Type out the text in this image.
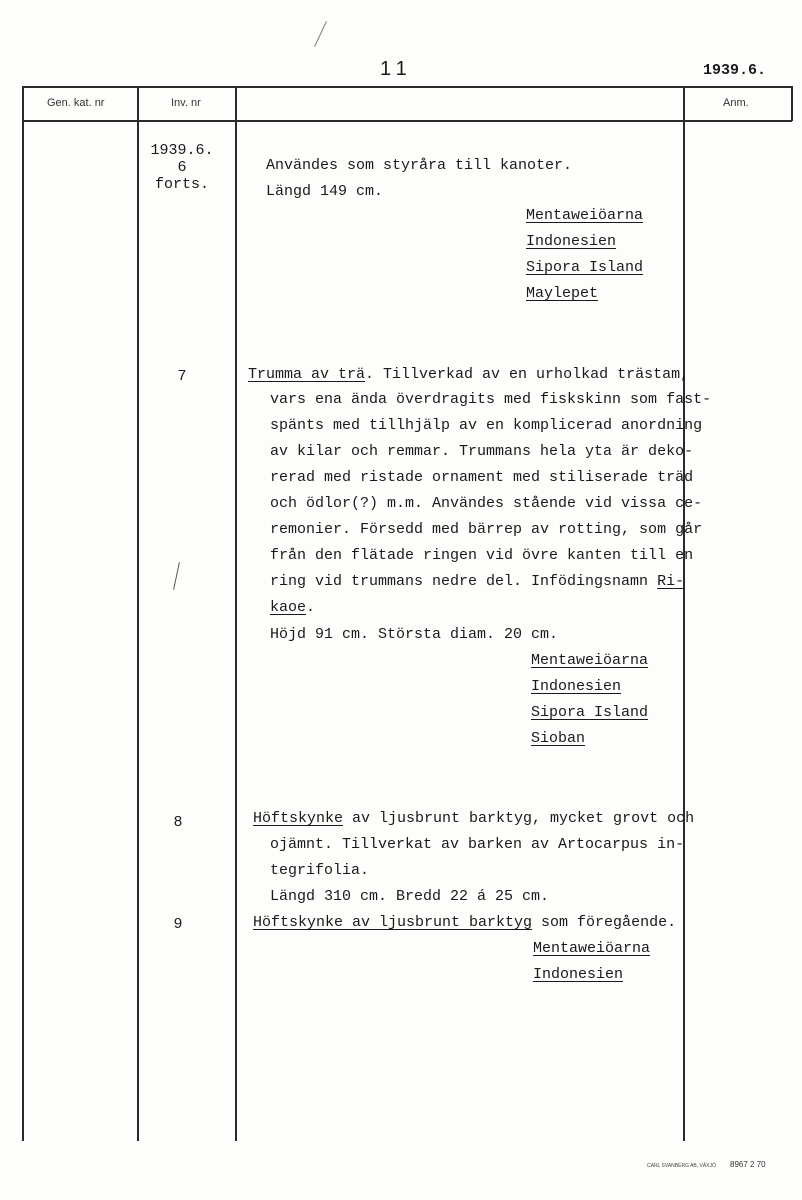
11	1939.6.
Gen. kat. nr	Inv. nr	Anm.
1939.6.
6
forts.
Användes som styråra till kanoter.
Längd 149 cm.
Mentaweiöarna
Indonesien
Sipora Island
Maylepet
7	Trumma av trä. Tillverkad av en urholkad trästam,
vars ena ända överdragits med fiskskinn som fast-
spänts med tillhjälp av en komplicerad anordning
av kilar och remmar. Trummans hela yta är deko-
rerad med ristade ornament med stiliserade träd
och ödlor(?) m.m. Användes stående vid vissa ce-
remonier. Försedd med bärrep av rotting, som går
från den flätade ringen vid övre kanten till en
ring vid trummans nedre del. Infödingsnamn Ri-
kaoe.
Höjd 91 cm. Största diam. 20 cm.
Mentaweiöarna
Indonesien
Sipora Island
Sioban
8	Höftskynke av ljusbrunt barktyg, mycket grovt och
ojämnt. Tillverkat av barken av Artocarpus in-
tegrifolia.
Längd 310 cm. Bredd 22 á 25 cm.
9	Höftskynke av ljusbrunt barktyg som föregående.
Mentaweiöarna
Indonesien
CARL SVANBERG AB, VÄXJÖ 8967 2 70
